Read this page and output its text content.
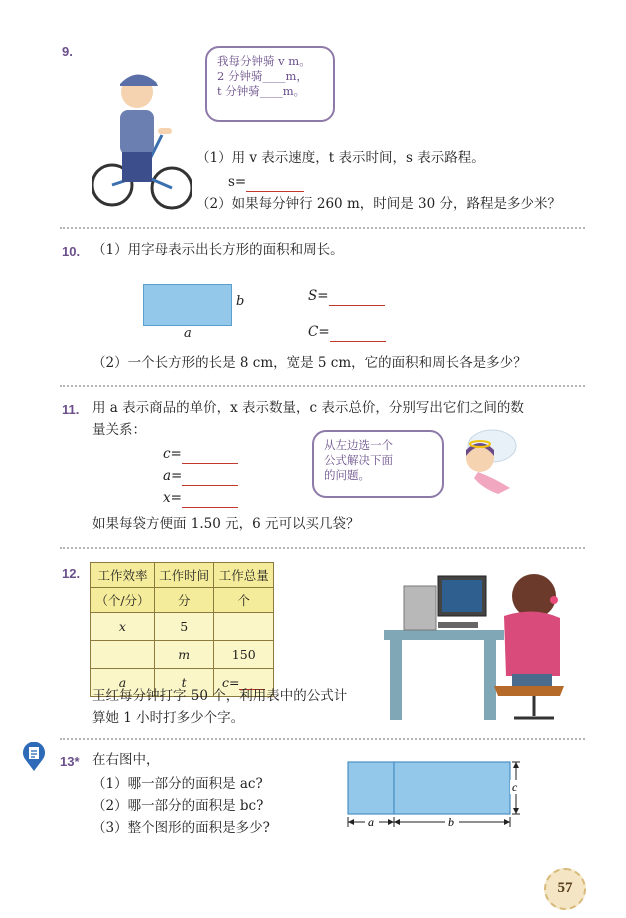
9.
我每分钟骑 v m。
2 分钟骑____m，
t 分钟骑____m。
（1）用 v 表示速度，t 表示时间，s 表示路程。
s=
（2）如果每分钟行 260 m，时间是 30 分，路程是多少米？
10. （1）用字母表示出长方形的面积和周长。
b
a
S=
C=
（2）一个长方形的长是 8 cm，宽是 5 cm，它的面积和周长各是多少？
11. 用 a 表示商品的单价，x 表示数量，c 表示总价，分别写出它们之间的数
量关系：
c=
a=
x=
从左边选一个
公式解决下面
的问题。
如果每袋方便面 1.50 元，6 元可以买几袋？
12. 工作效率	工作时间	工作总量
（个/分）	分	个
x	5	
	m	150
a	t	c=
王红每分钟打字 50 个，利用表中的公式计
算她 1 小时打多少个字。
13* 在右图中，
（1）哪一部分的面积是 ac?
（2）哪一部分的面积是 bc?
（3）整个图形的面积是多少?	a	b
c
57
